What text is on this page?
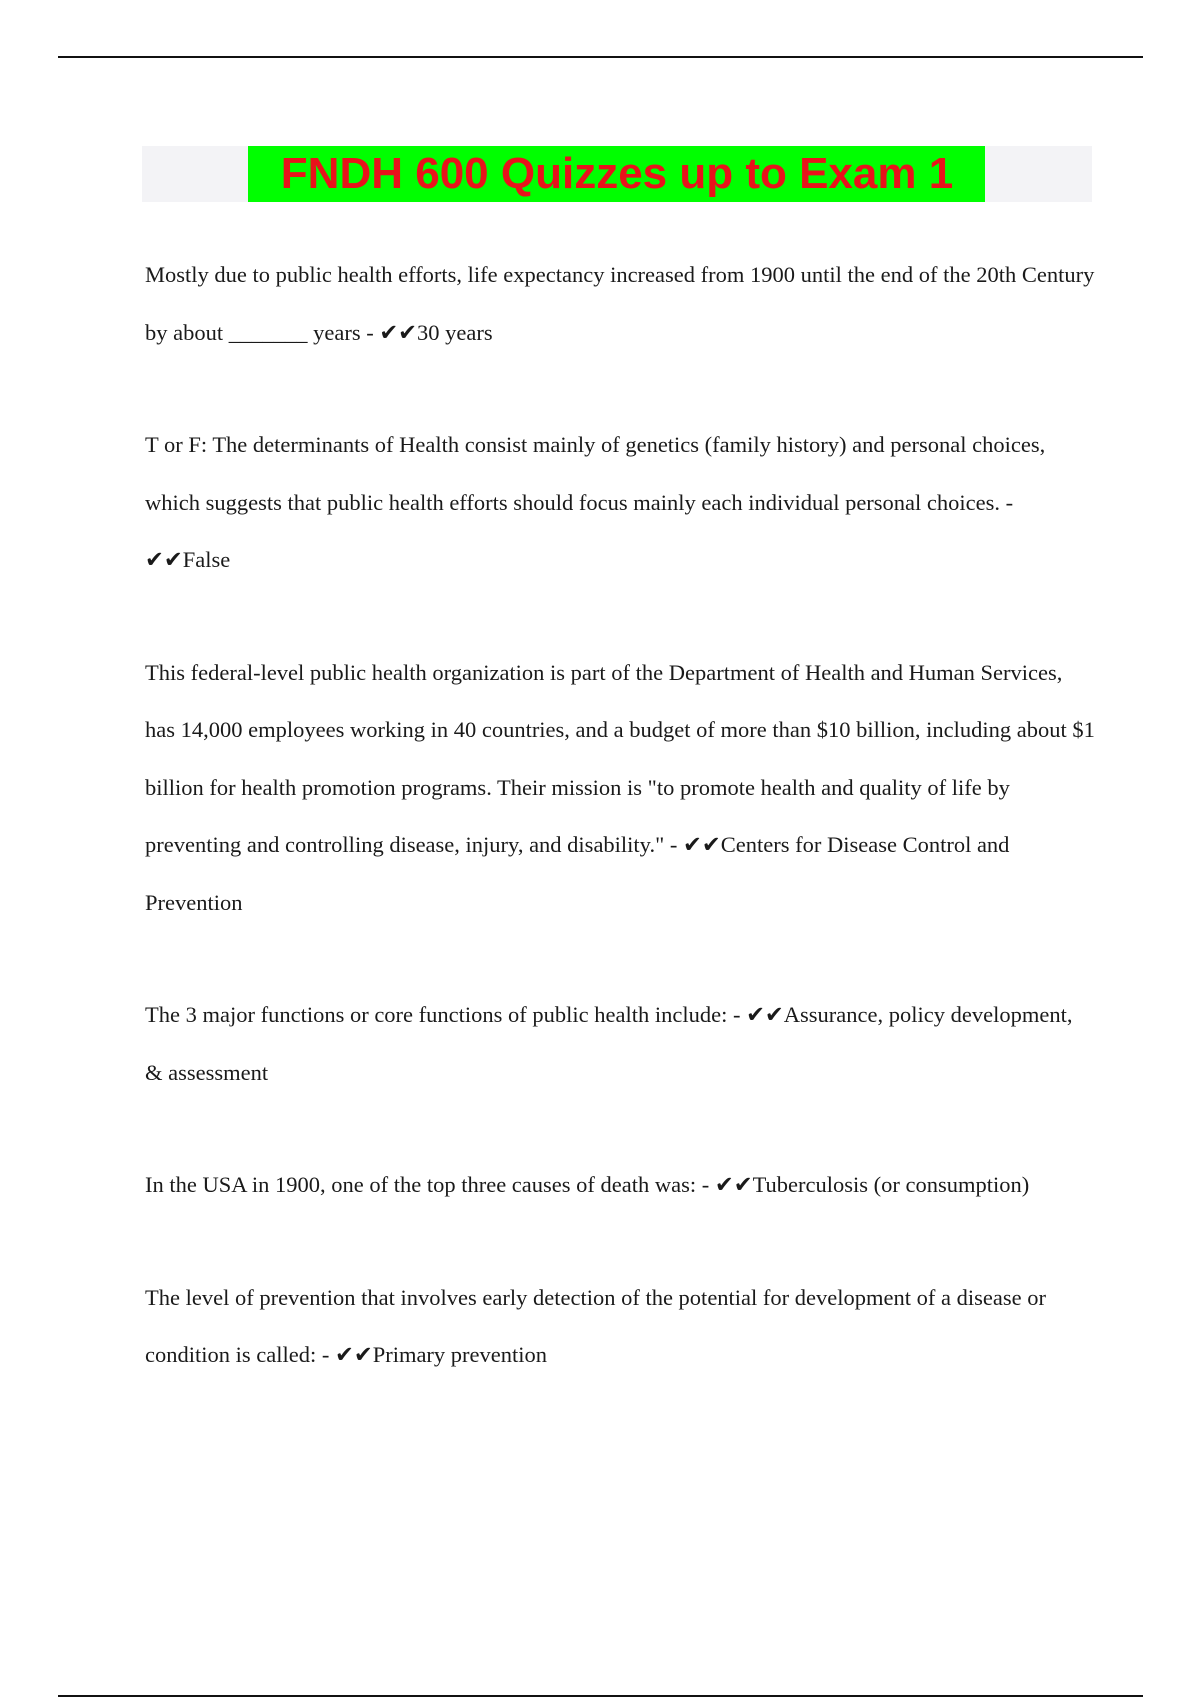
FNDH 600 Quizzes up to Exam 1

Mostly due to public health efforts, life expectancy increased from 1900 until the end of the 20th Century by about _______ years - ✔✔30 years

T or F: The determinants of Health consist mainly of genetics (family history) and personal choices, which suggests that public health efforts should focus mainly each individual personal choices. - ✔✔False

This federal-level public health organization is part of the Department of Health and Human Services, has 14,000 employees working in 40 countries, and a budget of more than $10 billion, including about $1 billion for health promotion programs. Their mission is "to promote health and quality of life by preventing and controlling disease, injury, and disability." - ✔✔Centers for Disease Control and Prevention

The 3 major functions or core functions of public health include: - ✔✔Assurance, policy development, & assessment

In the USA in 1900, one of the top three causes of death was: - ✔✔Tuberculosis (or consumption)

The level of prevention that involves early detection of the potential for development of a disease or condition is called: - ✔✔Primary prevention
